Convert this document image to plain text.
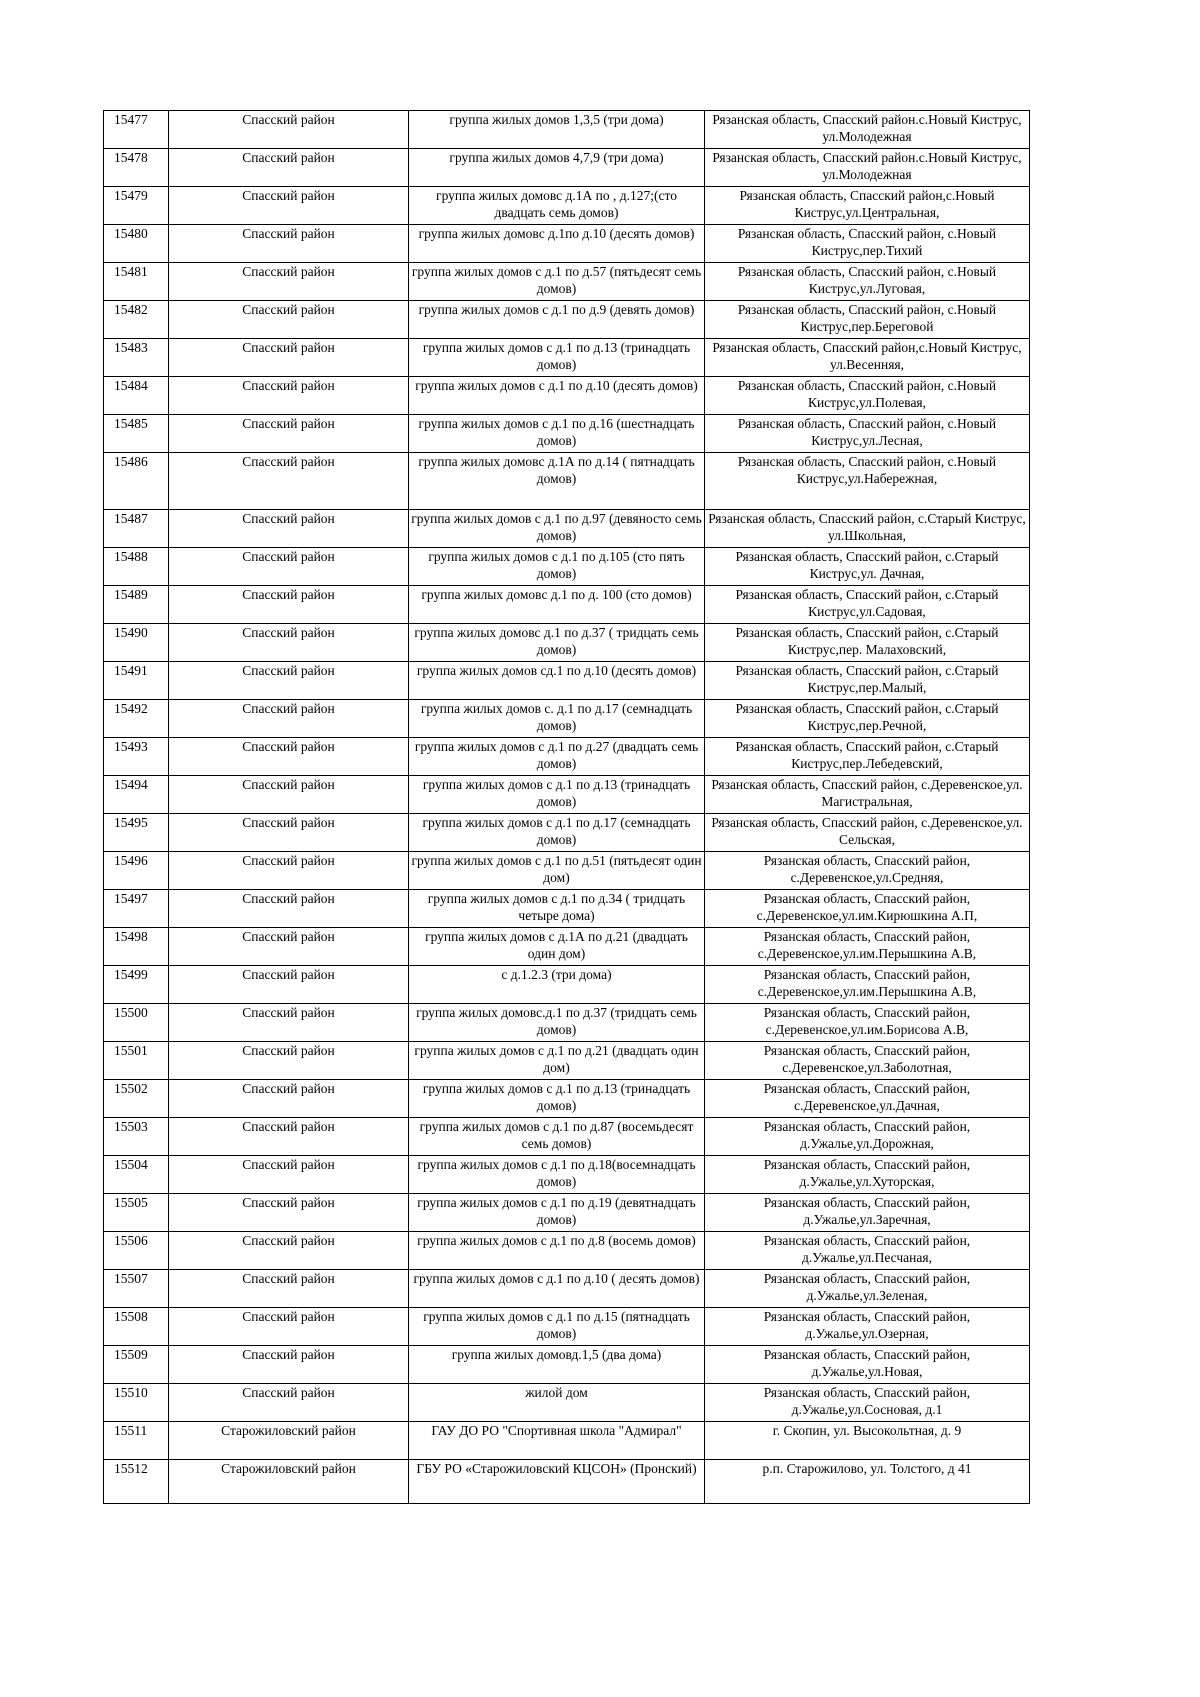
15477	Спасский район	группа жилых домов 1,3,5 (три дома)	Рязанская область, Спасский район.с.Новый Киструс, ул.Молодежная
15478	Спасский район	группа жилых домов 4,7,9 (три дома)	Рязанская область, Спасский район.с.Новый Киструс, ул.Молодежная
15479	Спасский район	группа жилых домовс д.1А по , д.127;(сто двадцать семь домов)	Рязанская область, Спасский район,с.Новый Киструс,ул.Центральная,
15480	Спасский район	группа жилых домовс д.1по д.10 (десять домов)	Рязанская область, Спасский район, с.Новый Киструс,пер.Тихий
15481	Спасский район	группа жилых домов с д.1 по д.57 (пятьдесят семь домов)	Рязанская область, Спасский район, с.Новый Киструс,ул.Луговая,
15482	Спасский район	группа жилых домов с д.1 по д.9 (девять домов)	Рязанская область, Спасский район, с.Новый Киструс,пер.Береговой
15483	Спасский район	группа жилых домов с д.1 по д.13 (тринадцать домов)	Рязанская область, Спасский район,с.Новый Киструс, ул.Весенняя,
15484	Спасский район	группа жилых домов с д.1 по д.10 (десять домов)	Рязанская область, Спасский район, с.Новый Киструс,ул.Полевая,
15485	Спасский район	группа жилых домов с д.1 по д.16 (шестнадцать домов)	Рязанская область, Спасский район, с.Новый Киструс,ул.Лесная,
15486	Спасский район	группа жилых домовс д.1А по д.14 ( пятнадцать домов)	Рязанская область, Спасский район, с.Новый Киструс,ул.Набережная,
15487	Спасский район	группа жилых домов с д.1 по д.97 (девяносто семь домов)	Рязанская область, Спасский район, с.Старый Киструс, ул.Школьная,
15488	Спасский район	группа жилых домов с д.1 по д.105 (сто пять домов)	Рязанская область, Спасский район, с.Старый Киструс,ул. Дачная,
15489	Спасский район	группа жилых домовс д.1 по д. 100 (сто домов)	Рязанская область, Спасский район, с.Старый Киструс,ул.Садовая,
15490	Спасский район	группа жилых домовс д.1 по д.37 ( тридцать семь домов)	Рязанская область, Спасский район, с.Старый Киструс,пер. Малаховский,
15491	Спасский район	группа жилых домов сд.1 по д.10 (десять домов)	Рязанская область, Спасский район, с.Старый Киструс,пер.Малый,
15492	Спасский район	группа жилых домов с. д.1 по д.17 (семнадцать домов)	Рязанская область, Спасский район, с.Старый Киструс,пер.Речной,
15493	Спасский район	группа жилых домов с д.1 по д.27 (двадцать семь домов)	Рязанская область, Спасский район, с.Старый Киструс,пер.Лебедевский,
15494	Спасский район	группа жилых домов с д.1 по д.13 (тринадцать домов)	Рязанская область, Спасский район, с.Деревенское,ул. Магистральная,
15495	Спасский район	группа жилых домов с д.1 по д.17 (семнадцать домов)	Рязанская область, Спасский район, с.Деревенское,ул. Сельская,
15496	Спасский район	группа жилых домов с д.1 по д.51 (пятьдесят один дом)	Рязанская область, Спасский район, с.Деревенское,ул.Средняя,
15497	Спасский район	группа жилых домов с д.1 по д.34 ( тридцать четыре дома)	Рязанская область, Спасский район, с.Деревенское,ул.им.Кирюшкина А.П,
15498	Спасский район	группа жилых домов с д.1А по д.21 (двадцать один дом)	Рязанская область, Спасский район, с.Деревенское,ул.им.Перышкина А.В,
15499	Спасский район	с д.1.2.3 (три дома)	Рязанская область, Спасский район, с.Деревенское,ул.им.Перышкина А.В,
15500	Спасский район	группа жилых домовс.д.1 по д.37 (тридцать семь домов)	Рязанская область, Спасский район, с.Деревенское,ул.им.Борисова А.В,
15501	Спасский район	группа жилых домов с д.1 по д.21 (двадцать один дом)	Рязанская область, Спасский район, с.Деревенское,ул.Заболотная,
15502	Спасский район	группа жилых домов с д.1 по д.13 (тринадцать домов)	Рязанская область, Спасский район, с.Деревенское,ул.Дачная,
15503	Спасский район	группа жилых домов с д.1 по д.87 (восемьдесят семь домов)	Рязанская область, Спасский район, д.Ужалье,ул.Дорожная,
15504	Спасский район	группа жилых домов с д.1 по д.18(восемнадцать домов)	Рязанская область, Спасский район, д.Ужалье,ул.Хуторская,
15505	Спасский район	группа жилых домов с д.1 по д.19 (девятнадцать домов)	Рязанская область, Спасский район, д.Ужалье,ул.Заречная,
15506	Спасский район	группа жилых домов с д.1 по д.8 (восемь домов)	Рязанская область, Спасский район, д.Ужалье,ул.Песчаная,
15507	Спасский район	группа жилых домов с д.1 по д.10 ( десять домов)	Рязанская область, Спасский район, д.Ужалье,ул.Зеленая,
15508	Спасский район	группа жилых домов с д.1 по д.15 (пятнадцать домов)	Рязанская область, Спасский район, д.Ужалье,ул.Озерная,
15509	Спасский район	группа жилых домовд.1,5 (два дома)	Рязанская область, Спасский район, д.Ужалье,ул.Новая,
15510	Спасский район	жилой дом	Рязанская область, Спасский район, д.Ужалье,ул.Сосновая, д.1
15511	Старожиловский район	ГАУ ДО РО "Спортивная школа "Адмирал"	г. Скопин, ул. Высокольтная, д. 9
15512	Старожиловский район	ГБУ РО «Старожиловский КЦСОН» (Пронский)	р.п. Старожилово, ул. Толстого, д 41
